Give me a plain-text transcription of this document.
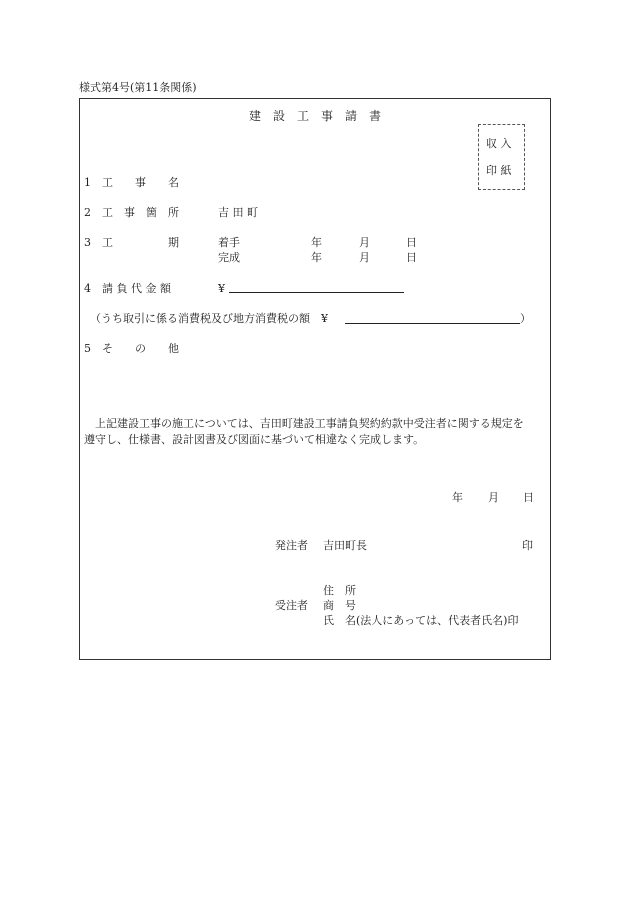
様式第4号(第11条関係)
建　設　工　事　請　書
収 入
印 紙
1 工　　事　　名
2 工　事　箇　所	吉 田 町
3 工　　　　　期	着手	年	月	日
完成	年	月	日
4 請 負 代 金 額	¥
（うち取引に係る消費税及び地方消費税の額　¥	）
5 そ　　の　　他
上記建設工事の施工については、吉田町建設工事請負契約約款中受注者に関する規定を
遵守し、仕様書、設計図書及び図面に基づいて相違なく完成します。
年 月 日
発注者 吉田町長	印
住　所
受注者 商　号
氏　名(法人にあっては、代表者氏名)印
